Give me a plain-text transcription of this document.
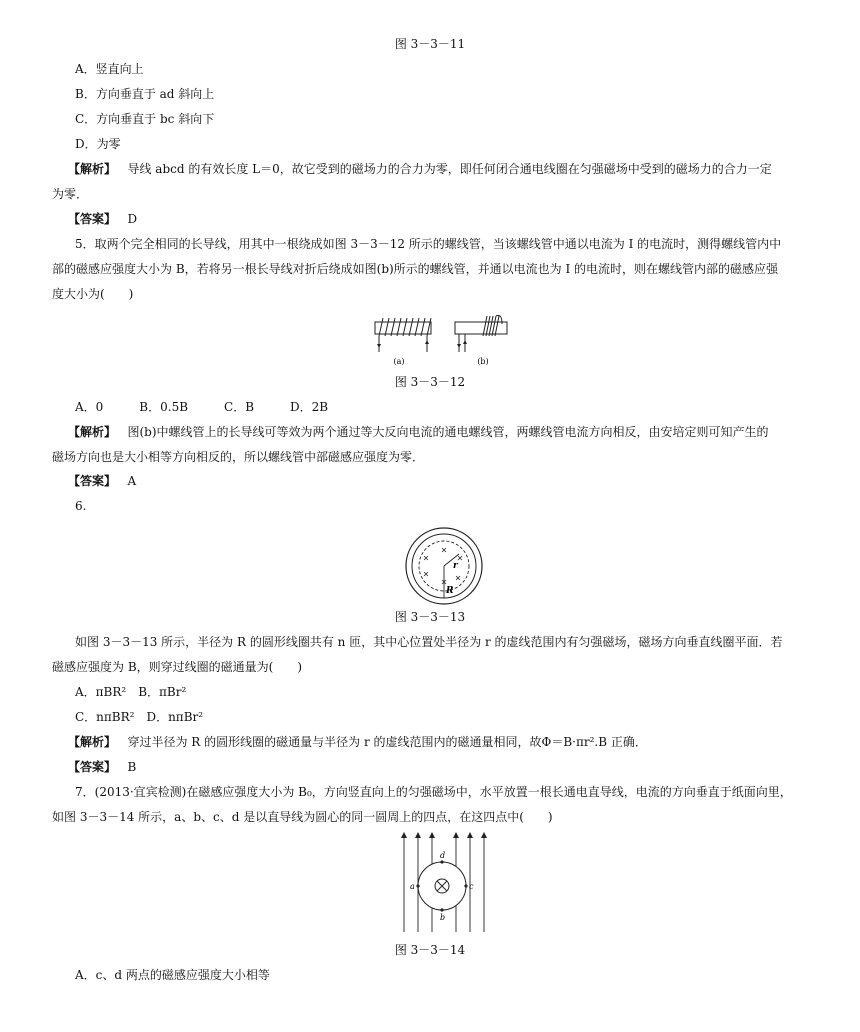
图 3－3－11
A．竖直向上
B．方向垂直于 ad 斜向上
C．方向垂直于 bc 斜向下
D．为零
【解析】 导线 abcd 的有效长度 L＝0，故它受到的磁场力的合力为零，即任何闭合通电线圈在匀强磁场中受到的磁场力的合力一定
为零．
【答案】 D
5．取两个完全相同的长导线，用其中一根绕成如图 3－3－12 所示的螺线管，当该螺线管中通以电流为 I 的电流时，测得螺线管内中
部的磁感应强度大小为 B，若将另一根长导线对折后绕成如图(b)所示的螺线管，并通以电流也为 I 的电流时，则在螺线管内部的磁感应强
度大小为(　　)
(a)	(b)
图 3－3－12
A．0　　　B．0.5B　　　C．B　　　D．2B
【解析】 图(b)中螺线管上的长导线可等效为两个通过等大反向电流的通电螺线管，两螺线管电流方向相反，由安培定则可知产生的
磁场方向也是大小相等方向相反的，所以螺线管中部磁感应强度为零．
【答案】 A
6.
r
R
图 3－3－13
如图 3－3－13 所示，半径为 R 的圆形线圈共有 n 匝，其中心位置处半径为 r 的虚线范围内有匀强磁场，磁场方向垂直线圈平面．若
磁感应强度为 B，则穿过线圈的磁通量为(　　)
A．πBR²　B．πBr²
C．nπBR²　D．nπBr²
【解析】 穿过半径为 R 的圆形线圈的磁通量与半径为 r 的虚线范围内的磁通量相同，故Φ＝B·πr².B 正确．
【答案】 B
7．(2013·宜宾检测)在磁感应强度大小为 B₀，方向竖直向上的匀强磁场中，水平放置一根长通电直导线，电流的方向垂直于纸面向里，
如图 3－3－14 所示，a、b、c、d 是以直导线为圆心的同一圆周上的四点，在这四点中(　　)
a
b
c
d
图 3－3－14
A．c、d 两点的磁感应强度大小相等
